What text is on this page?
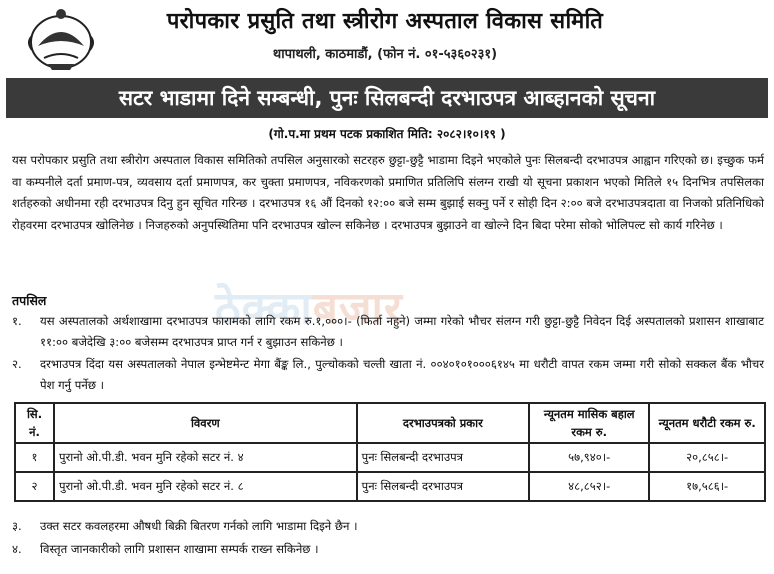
परोपकार प्रसुति तथा स्त्रीरोग अस्पताल विकास समिति
थापाथली, काठमाडौं, (फोन नं. ०१-५३६०२३१)
सटर भाडामा दिने सम्बन्धी, पुनः सिलबन्दी दरभाउपत्र आब्हानको सूचना
(गो.प.मा प्रथम पटक प्रकाशित मिति: २०८२।१०।१९ )
यस परोपकार प्रसुति तथा स्त्रीरोग अस्पताल विकास समितिको तपसिल अनुसारको सटरहरु छुट्टा-छुट्टै भाडामा दिइने भएकोले पुनः सिलबन्दी दरभाउपत्र आह्वान गरिएको छ। इच्छुक फर्म वा कम्पनीले दर्ता प्रमाण-पत्र, व्यवसाय दर्ता प्रमाणपत्र, कर चुक्ता प्रमाणपत्र, नविकरणको प्रमाणित प्रतिलिपि संलग्न राखी यो सूचना प्रकाशन भएको मितिले १५ दिनभित्र तपसिलका शर्तहरुको अधीनमा रही दरभाउपत्र दिनु हुन सूचित गरिन्छ । दरभाउपत्र १६ औं दिनको १२:०० बजे सम्म बुझाई सक्नु पर्ने र सोही दिन २:०० बजे दरभाउपत्रदाता वा निजको प्रतिनिधिको रोहवरमा दरभाउपत्र खोलिनेछ । निजहरुको अनुपस्थितिमा पनि दरभाउपत्र खोल्न सकिनेछ । दरभाउपत्र बुझाउने वा खोल्ने दिन बिदा परेमा सोको भोलिपल्ट सो कार्य गरिनेछ ।
ठेक्काबजार
तपसिल
१.	यस अस्पतालको अर्थशाखामा दरभाउपत्र फारामको लागि रकम रु.१,०००।- (फिर्ता नहुने) जम्मा गरेको भौचर संलग्न गरी छुट्टा-छुट्टै निवेदन दिई अस्पतालको प्रशासन शाखाबाट ११:०० बजेदेखि ३:०० बजेसम्म दरभाउपत्र प्राप्त गर्न र बुझाउन सकिनेछ ।
२.	दरभाउपत्र दिंदा यस अस्पतालको नेपाल इन्भेष्टमेन्ट मेगा बैंङ्क लि., पुल्चोकको चल्ती खाता नं. ००४०१०१०००६१४५ मा धरौटी वापत रकम जम्मा गरी सोको सक्कल बैंक भौचर पेश गर्नु पर्नेछ ।
सि. नं.	विवरण	दरभाउपत्रको प्रकार	न्यूनतम मासिक बहाल रकम रु.	न्यूनतम धरौटी रकम रु.
१	पुरानो ओ.पी.डी. भवन मुनि रहेको सटर नं. ४	पुनः सिलबन्दी दरभाउपत्र	५७,९४०।-	२०,८५८।-
२	पुरानो ओ.पी.डी. भवन मुनि रहेको सटर नं. ८	पुनः सिलबन्दी दरभाउपत्र	४८,८५२।-	१७,५८६।-
३.	उक्त सटर कवलहरमा औषधी बिक्री बितरण गर्नको लागि भाडामा दिइने छैन ।
४.	विस्तृत जानकारीको लागि प्रशासन शाखामा सम्पर्क राख्न सकिनेछ ।
